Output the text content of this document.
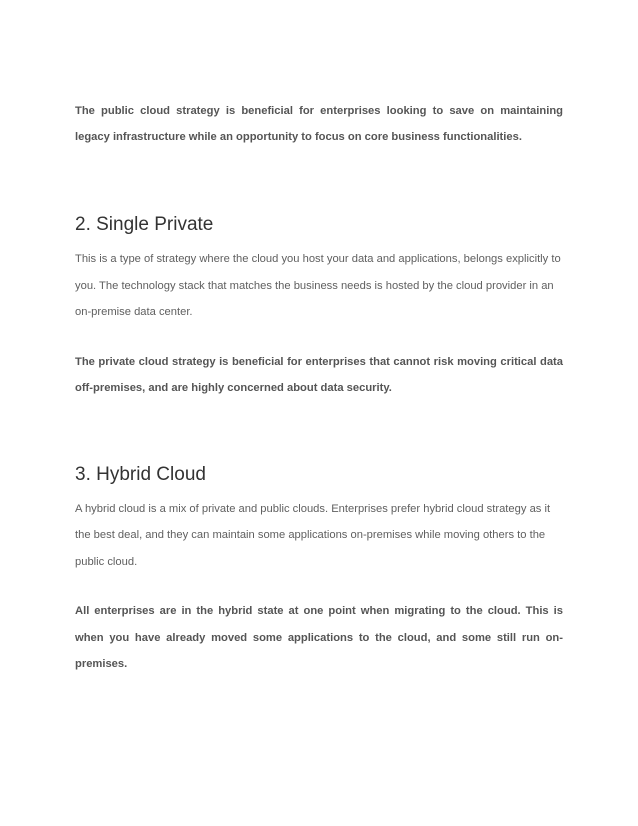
The public cloud strategy is beneficial for enterprises looking to save on maintaining legacy infrastructure while an opportunity to focus on core business functionalities.

2. Single Private

This is a type of strategy where the cloud you host your data and applications, belongs explicitly to you. The technology stack that matches the business needs is hosted by the cloud provider in an on-premise data center.

The private cloud strategy is beneficial for enterprises that cannot risk moving critical data off-premises, and are highly concerned about data security.

3. Hybrid Cloud

A hybrid cloud is a mix of private and public clouds. Enterprises prefer hybrid cloud strategy as it the best deal, and they can maintain some applications on-premises while moving others to the public cloud.

All enterprises are in the hybrid state at one point when migrating to the cloud. This is when you have already moved some applications to the cloud, and some still run on-premises.
